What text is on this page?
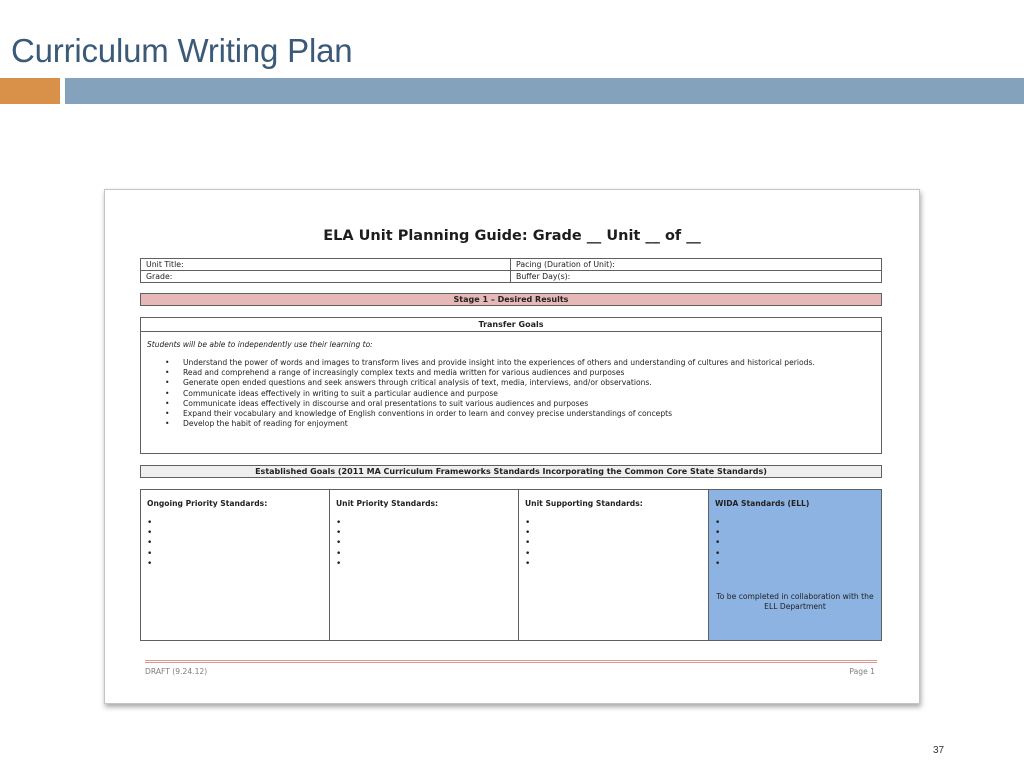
Curriculum Writing Plan
ELA Unit Planning Guide: Grade __ Unit __ of __
Unit Title:	Pacing (Duration of Unit):
Grade:	Buffer Day(s):
Stage 1 – Desired Results
Transfer Goals
Students will be able to independently use their learning to:
• Understand the power of words and images to transform lives and provide insight into the experiences of others and understanding of cultures and historical periods.
• Read and comprehend a range of increasingly complex texts and media written for various audiences and purposes
• Generate open ended questions and seek answers through critical analysis of text, media, interviews, and/or observations.
• Communicate ideas effectively in writing to suit a particular audience and purpose
• Communicate ideas effectively in discourse and oral presentations to suit various audiences and purposes
• Expand their vocabulary and knowledge of English conventions in order to learn and convey precise understandings of concepts
• Develop the habit of reading for enjoyment
Established Goals (2011 MA Curriculum Frameworks Standards Incorporating the Common Core State Standards)
Ongoing Priority Standards:
•
•
•
•
•
Unit Priority Standards:
•
•
•
•
•
Unit Supporting Standards:
•
•
•
•
•
WIDA Standards (ELL)
•
•
•
•
•
To be completed in collaboration with the ELL Department
DRAFT (9.24.12)	Page 1
37
